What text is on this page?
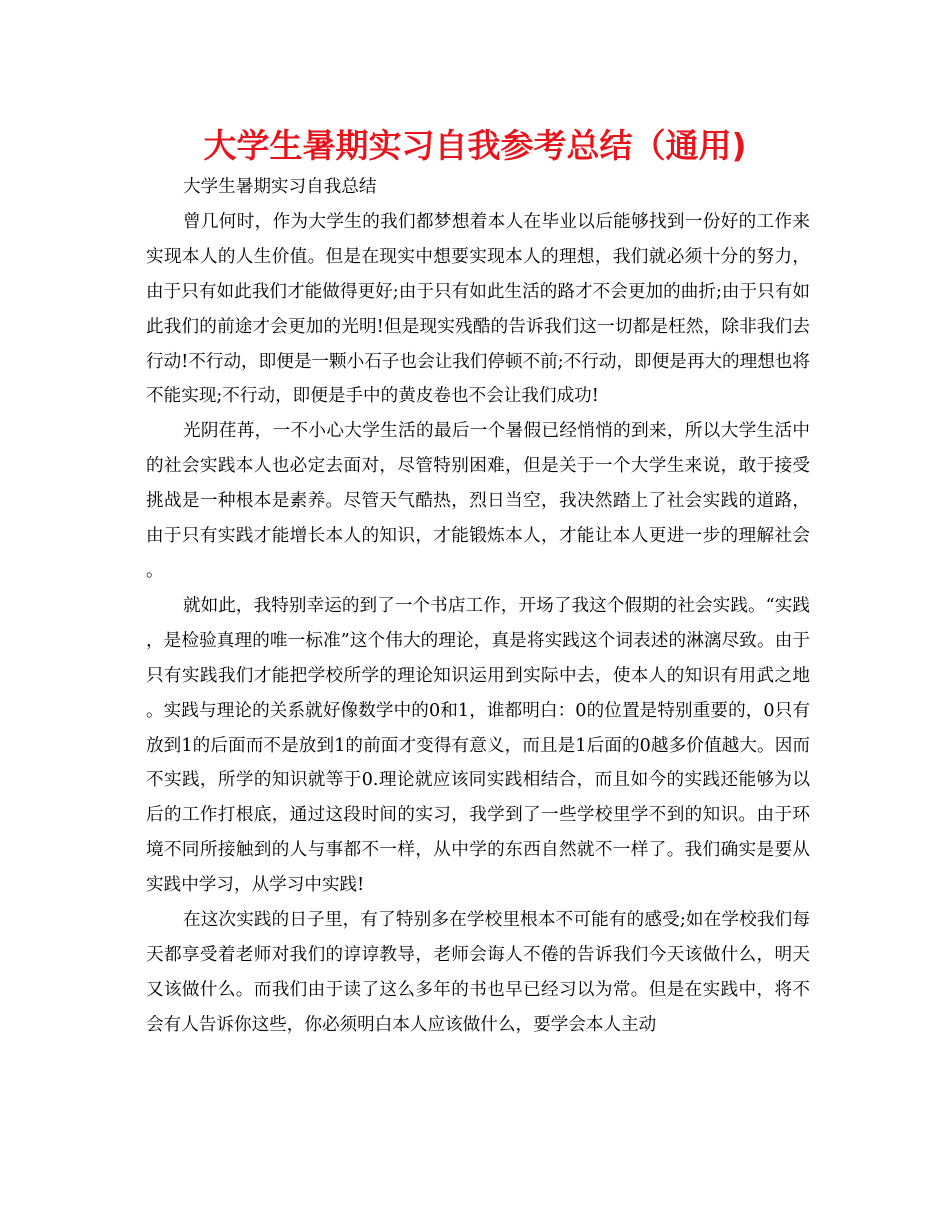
大学生暑期实习自我参考总结（通用)

大学生暑期实习自我总结

曾几何时，作为大学生的我们都梦想着本人在毕业以后能够找到一份好的工作来实现本人的人生价值。但是在现实中想要实现本人的理想，我们就必须十分的努力，由于只有如此我们才能做得更好;由于只有如此生活的路才不会更加的曲折;由于只有如此我们的前途才会更加的光明!但是现实残酷的告诉我们这一切都是枉然，除非我们去行动!不行动，即便是一颗小石子也会让我们停顿不前;不行动，即便是再大的理想也将不能实现;不行动，即便是手中的黄皮卷也不会让我们成功!

光阴荏苒，一不小心大学生活的最后一个暑假已经悄悄的到来，所以大学生活中的社会实践本人也必定去面对，尽管特别困难，但是关于一个大学生来说，敢于接受挑战是一种根本是素养。尽管天气酷热，烈日当空，我决然踏上了社会实践的道路，由于只有实践才能增长本人的知识，才能锻炼本人，才能让本人更进一步的理解社会。

就如此，我特别幸运的到了一个书店工作，开场了我这个假期的社会实践。“实践，是检验真理的唯一标准”这个伟大的理论，真是将实践这个词表述的淋漓尽致。由于只有实践我们才能把学校所学的理论知识运用到实际中去，使本人的知识有用武之地。实践与理论的关系就好像数学中的0和1，谁都明白：0的位置是特别重要的，0只有放到1的后面而不是放到1的前面才变得有意义，而且是1后面的0越多价值越大。因而不实践，所学的知识就等于0.理论就应该同实践相结合，而且如今的实践还能够为以后的工作打根底，通过这段时间的实习，我学到了一些学校里学不到的知识。由于环境不同所接触到的人与事都不一样，从中学的东西自然就不一样了。我们确实是要从实践中学习，从学习中实践!

在这次实践的日子里，有了特别多在学校里根本不可能有的感受;如在学校我们每天都享受着老师对我们的谆谆教导，老师会诲人不倦的告诉我们今天该做什么，明天又该做什么。而我们由于读了这么多年的书也早已经习以为常。但是在实践中，将不会有人告诉你这些，你必须明白本人应该做什么，要学会本人主动
